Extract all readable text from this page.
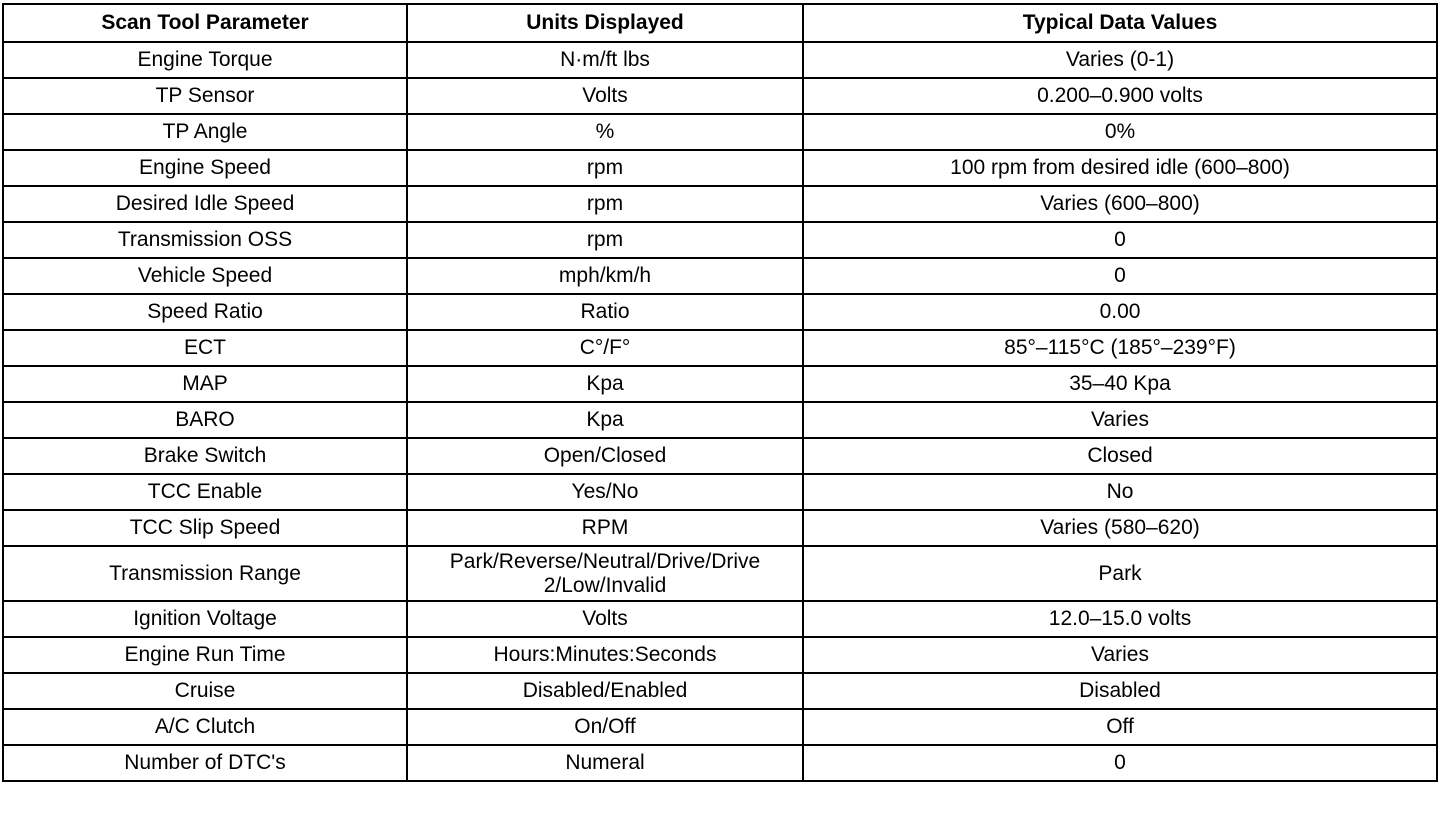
Scan Tool Parameter	Units Displayed	Typical Data Values
Engine Torque	N·m/ft lbs	Varies (0-1)
TP Sensor	Volts	0.200–0.900 volts
TP Angle	%	0%
Engine Speed	rpm	100 rpm from desired idle (600–800)
Desired Idle Speed	rpm	Varies (600–800)
Transmission OSS	rpm	0
Vehicle Speed	mph/km/h	0
Speed Ratio	Ratio	0.00
ECT	C°/F°	85°–115°C (185°–239°F)
MAP	Kpa	35–40 Kpa
BARO	Kpa	Varies
Brake Switch	Open/Closed	Closed
TCC Enable	Yes/No	No
TCC Slip Speed	RPM	Varies (580–620)
Transmission Range	Park/Reverse/Neutral/Drive/Drive 2/Low/Invalid	Park
Ignition Voltage	Volts	12.0–15.0 volts
Engine Run Time	Hours:Minutes:Seconds	Varies
Cruise	Disabled/Enabled	Disabled
A/C Clutch	On/Off	Off
Number of DTC's	Numeral	0
